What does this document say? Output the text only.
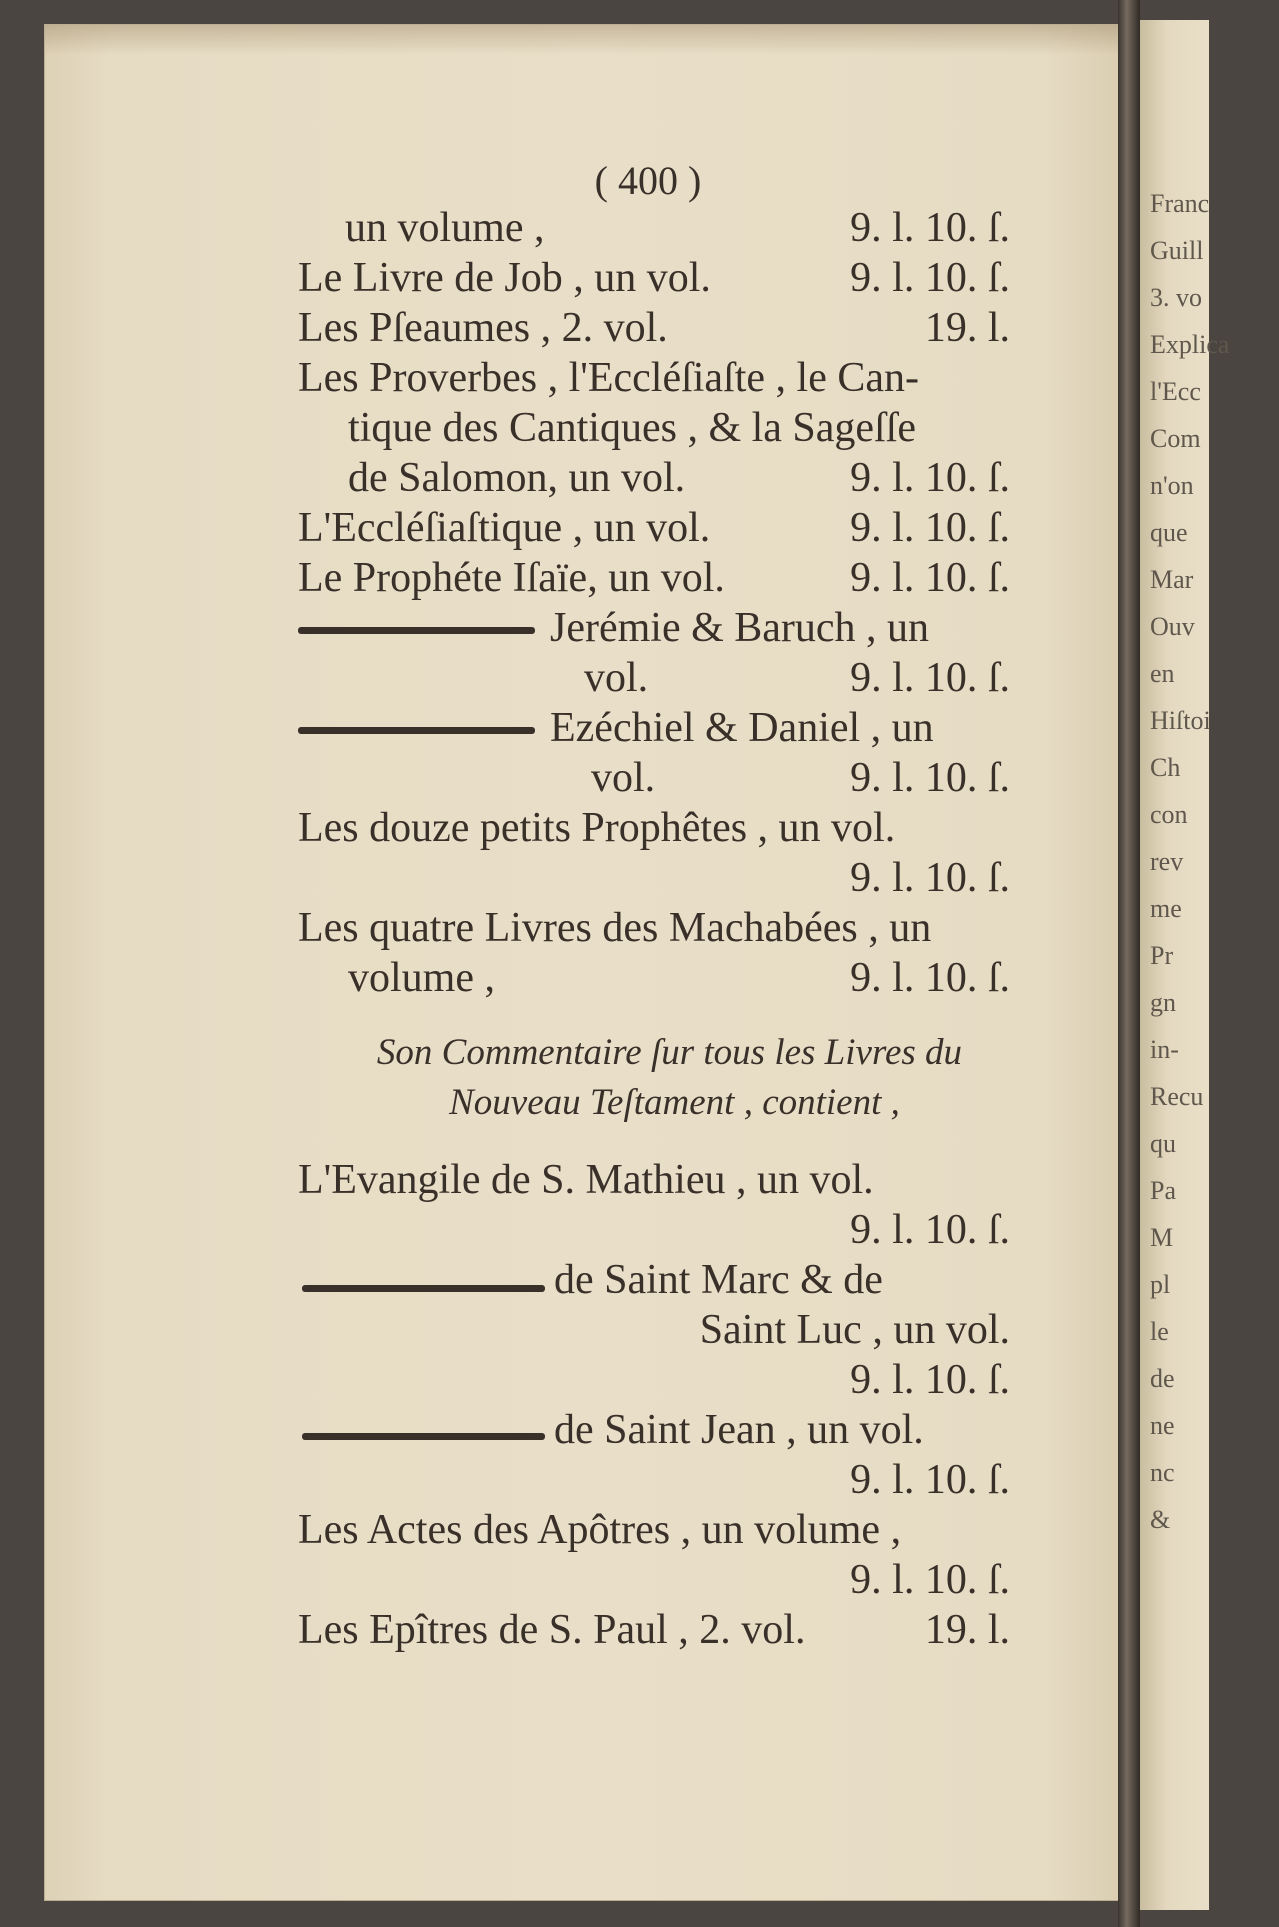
Franc
Guill
3. vo
Explica
l'Ecc
Com
n'on
que
Mar
Ouv
en
Hiſtoi
Ch
con
rev
me
Pr
gn
in-
Recu
qu
Pa
M
pl
le
de
ne
nc
&
( 400 )
un volume ,	9. l. 10. ſ.
Le Livre de Job , un vol.	9. l. 10. ſ.
Les Pſeaumes , 2. vol.	19. l.
Les Proverbes , l'Eccléſiaſte , le Can-
tique des Cantiques , & la Sageſſe
de Salomon, un vol.	9. l. 10. ſ.
L'Eccléſiaſtique , un vol.	9. l. 10. ſ.
Le Prophéte Iſaïe, un vol.	9. l. 10. ſ.
Jerémie & Baruch , un
vol.	9. l. 10. ſ.
Ezéchiel & Daniel , un
vol.	9. l. 10. ſ.
Les douze petits Prophêtes , un vol.
9. l. 10. ſ.
Les quatre Livres des Machabées , un
volume ,	9. l. 10. ſ.
Son Commentaire ſur tous les Livres du
Nouveau Teſtament , contient ,
L'Evangile de S. Mathieu , un vol.
9. l. 10. ſ.
de Saint Marc & de
Saint Luc , un vol.
9. l. 10. ſ.
de Saint Jean , un vol.
9. l. 10. ſ.
Les Actes des Apôtres , un volume ,
9. l. 10. ſ.
Les Epîtres de S. Paul , 2. vol.	19. l.
